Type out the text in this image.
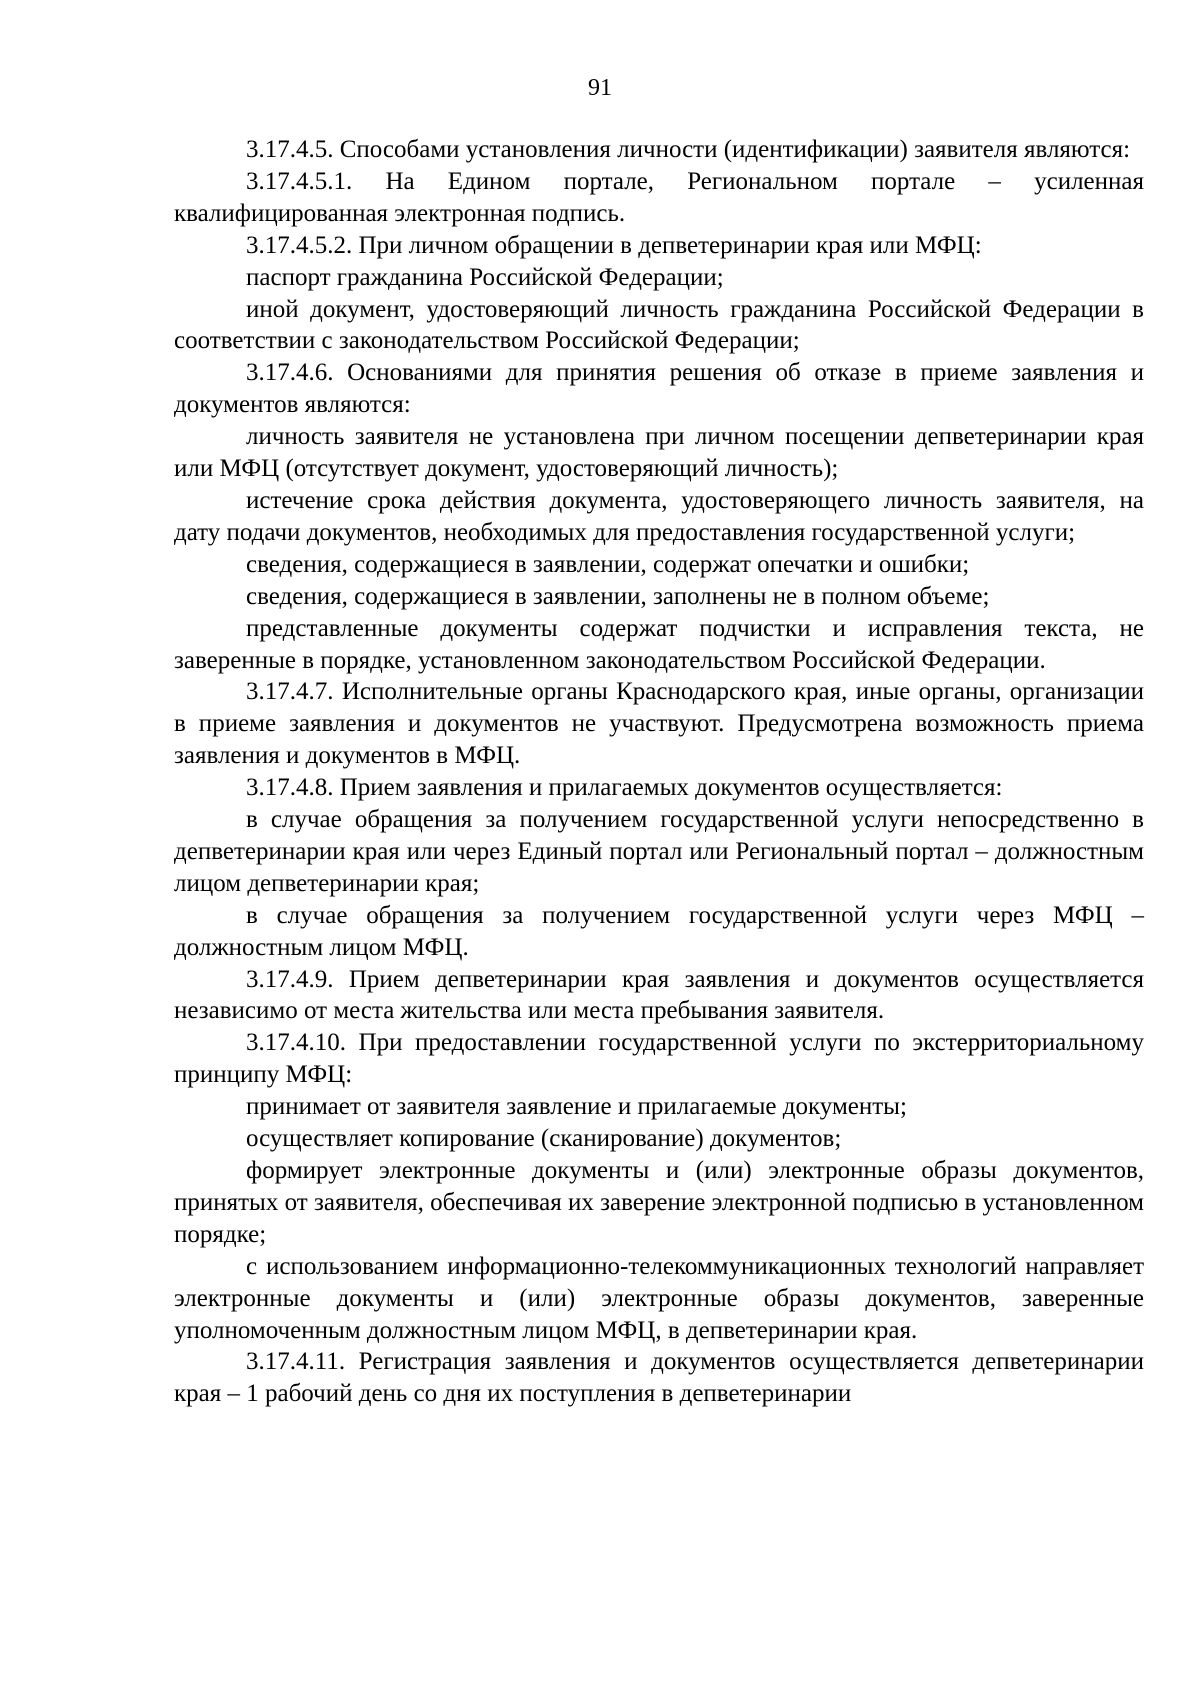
91

3.17.4.5. Способами установления личности (идентификации) заявителя являются:

3.17.4.5.1. На Едином портале, Региональном портале – усиленная квалифицированная электронная подпись.

3.17.4.5.2. При личном обращении в депветеринарии края или МФЦ:

паспорт гражданина Российской Федерации;

иной документ, удостоверяющий личность гражданина Российской Федерации в соответствии с законодательством Российской Федерации;

3.17.4.6. Основаниями для принятия решения об отказе в приеме заявления и документов являются:

личность заявителя не установлена при личном посещении депветеринарии края или МФЦ (отсутствует документ, удостоверяющий личность);

истечение срока действия документа, удостоверяющего личность заявителя, на дату подачи документов, необходимых для предоставления государственной услуги;

сведения, содержащиеся в заявлении, содержат опечатки и ошибки;

сведения, содержащиеся в заявлении, заполнены не в полном объеме;

представленные документы содержат подчистки и исправления текста, не заверенные в порядке, установленном законодательством Российской Федерации.

3.17.4.7. Исполнительные органы Краснодарского края, иные органы, организации в приеме заявления и документов не участвуют. Предусмотрена возможность приема заявления и документов в МФЦ.

3.17.4.8. Прием заявления и прилагаемых документов осуществляется:

в случае обращения за получением государственной услуги непосредственно в депветеринарии края или через Единый портал или Региональный портал – должностным лицом депветеринарии края;

в случае обращения за получением государственной услуги через МФЦ – должностным лицом МФЦ.

3.17.4.9. Прием депветеринарии края заявления и документов осуществляется независимо от места жительства или места пребывания заявителя.

3.17.4.10. При предоставлении государственной услуги по экстерриториальному принципу МФЦ:

принимает от заявителя заявление и прилагаемые документы;

осуществляет копирование (сканирование) документов;

формирует электронные документы и (или) электронные образы документов, принятых от заявителя, обеспечивая их заверение электронной подписью в установленном порядке;

с использованием информационно-телекоммуникационных технологий направляет электронные документы и (или) электронные образы документов, заверенные уполномоченным должностным лицом МФЦ, в депветеринарии края.

3.17.4.11. Регистрация заявления и документов осуществляется депветеринарии края – 1 рабочий день со дня их поступления в депветеринарии
